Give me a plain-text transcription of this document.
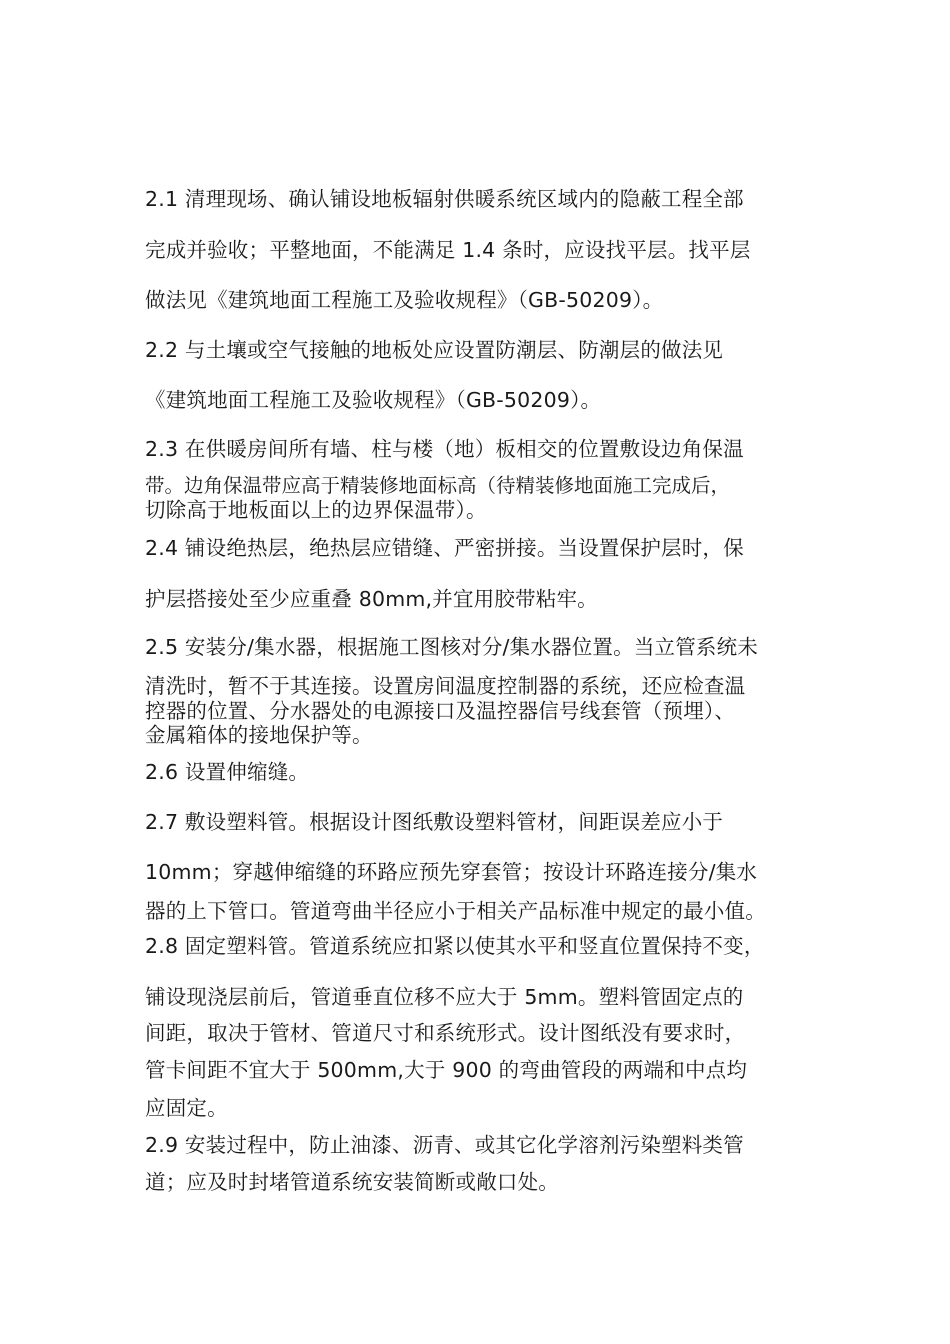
2.1 清理现场、确认铺设地板辐射供暖系统区域内的隐蔽工程全部
完成并验收；平整地面，不能满足 1.4 条时，应设找平层。找平层
做法见《建筑地面工程施工及验收规程》（GB-50209）。
2.2 与土壤或空气接触的地板处应设置防潮层、防潮层的做法见
《建筑地面工程施工及验收规程》（GB-50209）。
2.3 在供暖房间所有墙、柱与楼（地）板相交的位置敷设边角保温
带。边角保温带应高于精装修地面标高（待精装修地面施工完成后，
切除高于地板面以上的边界保温带）。
2.4 铺设绝热层，绝热层应错缝、严密拼接。当设置保护层时，保
护层搭接处至少应重叠 80mm,并宜用胶带粘牢。
2.5 安装分/集水器，根据施工图核对分/集水器位置。当立管系统未
清洗时，暂不于其连接。设置房间温度控制器的系统，还应检查温
控器的位置、分水器处的电源接口及温控器信号线套管（预埋）、
金属箱体的接地保护等。
2.6 设置伸缩缝。
2.7 敷设塑料管。根据设计图纸敷设塑料管材，间距误差应小于
10mm；穿越伸缩缝的环路应预先穿套管；按设计环路连接分/集水
器的上下管口。管道弯曲半径应小于相关产品标准中规定的最小值。
2.8 固定塑料管。管道系统应扣紧以使其水平和竖直位置保持不变，
铺设现浇层前后，管道垂直位移不应大于 5mm。塑料管固定点的
间距，取决于管材、管道尺寸和系统形式。设计图纸没有要求时，
管卡间距不宜大于 500mm,大于 900 的弯曲管段的两端和中点均
应固定。
2.9 安装过程中，防止油漆、沥青、或其它化学溶剂污染塑料类管
道；应及时封堵管道系统安装简断或敞口处。
